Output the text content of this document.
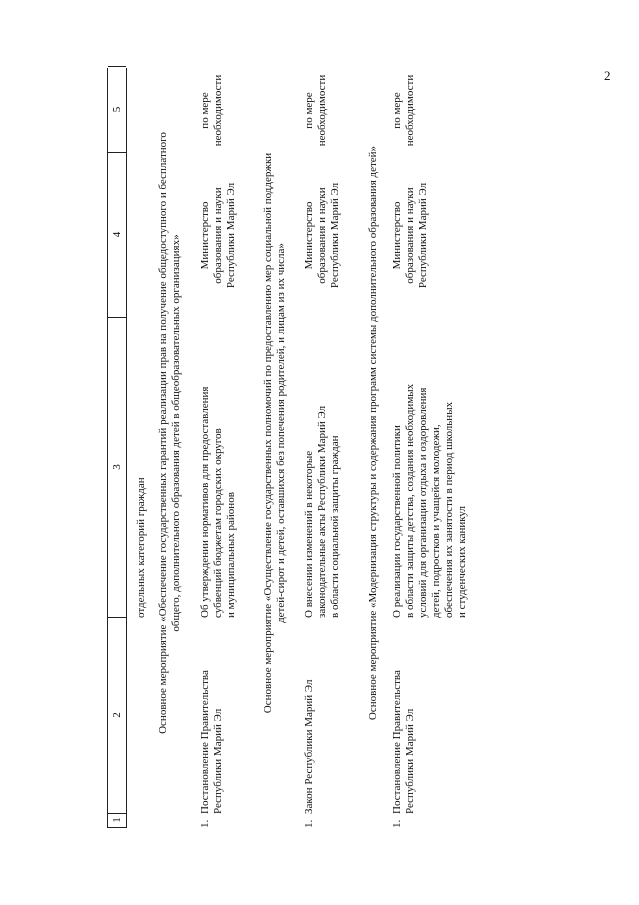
2
1
2
3
4
5
отдельных категорий граждан Основное мероприятие «Обеспечение государственных гарантий реализации прав на получение общедоступного и бесплатного общего, дополнительного образования детей в общеобразовательных организациях»
1.
Постановление Правительства Республики Марий Эл
Об утверждении нормативов для предоставления субвенций бюджетам городских округов и муниципальных районов
Министерство образования и науки Республики Марий Эл
по мере необходимости
Основное мероприятие «Осуществление государственных полномочий по предоставлению мер социальной поддержки детей-сирот и детей, оставшихся без попечения родителей, и лицам из их числа»
1.
Закон Республики Марий Эл
О внесении изменений в некоторые законодательные акты Республики Марий Эл в области социальной защиты граждан
Министерство образования и науки Республики Марий Эл
по мере необходимости
Основное мероприятие «Модернизация структуры и содержания программ системы дополнительного образования детей»
1.
Постановление Правительства Республики Марий Эл
О реализации государственной политики в области защиты детства, создания необходимых условий для организации отдыха и оздоровления детей, подростков и учащейся молодежи, обеспечения их занятости в период школьных и студенческих каникул
Министерство образования и науки Республики Марий Эл
по мере необходимости
